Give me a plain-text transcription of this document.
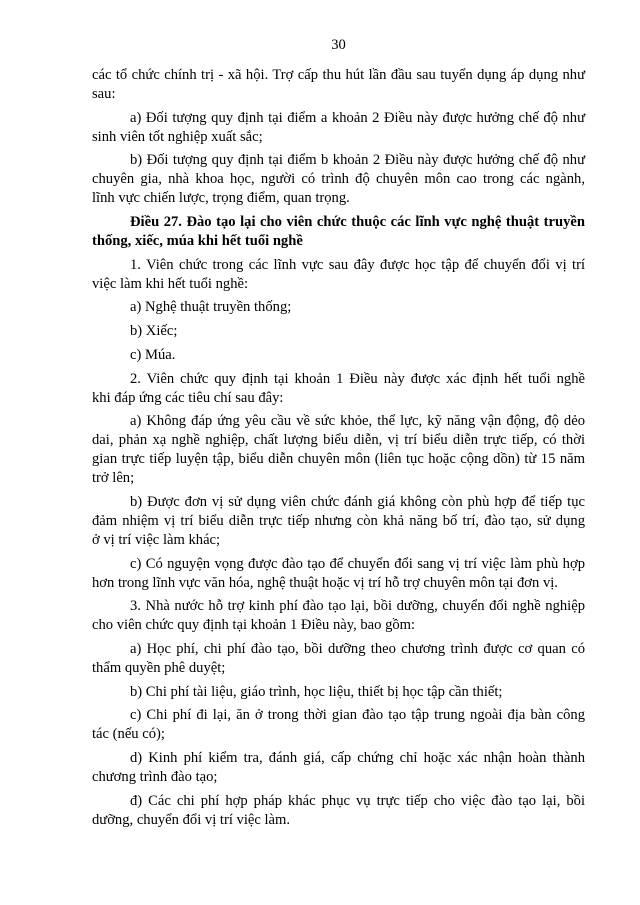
30
các tổ chức chính trị - xã hội. Trợ cấp thu hút lần đầu sau tuyển dụng áp dụng như
sau:
a) Đối tượng quy định tại điểm a khoản 2 Điều này được hưởng chế độ như
sinh viên tốt nghiệp xuất sắc;
b) Đối tượng quy định tại điểm b khoản 2 Điều này được hưởng chế độ như
chuyên gia, nhà khoa học, người có trình độ chuyên môn cao trong các ngành,
lĩnh vực chiến lược, trọng điểm, quan trọng.
Điều 27. Đào tạo lại cho viên chức thuộc các lĩnh vực nghệ thuật truyền
thống, xiếc, múa khi hết tuổi nghề
1. Viên chức trong các lĩnh vực sau đây được học tập để chuyển đổi vị trí
việc làm khi hết tuổi nghề:
a) Nghệ thuật truyền thống;
b) Xiếc;
c) Múa.
2. Viên chức quy định tại khoản 1 Điều này được xác định hết tuổi nghề
khi đáp ứng các tiêu chí sau đây:
a) Không đáp ứng yêu cầu về sức khỏe, thể lực, kỹ năng vận động, độ dẻo
dai, phản xạ nghề nghiệp, chất lượng biểu diễn, vị trí biểu diễn trực tiếp, có thời
gian trực tiếp luyện tập, biểu diễn chuyên môn (liên tục hoặc cộng dồn) từ 15 năm
trở lên;
b) Được đơn vị sử dụng viên chức đánh giá không còn phù hợp để tiếp tục
đảm nhiệm vị trí biểu diễn trực tiếp nhưng còn khả năng bố trí, đào tạo, sử dụng
ở vị trí việc làm khác;
c) Có nguyện vọng được đào tạo để chuyển đổi sang vị trí việc làm phù hợp
hơn trong lĩnh vực văn hóa, nghệ thuật hoặc vị trí hỗ trợ chuyên môn tại đơn vị.
3. Nhà nước hỗ trợ kinh phí đào tạo lại, bồi dưỡng, chuyển đổi nghề nghiệp
cho viên chức quy định tại khoản 1 Điều này, bao gồm:
a) Học phí, chi phí đào tạo, bồi dưỡng theo chương trình được cơ quan có
thẩm quyền phê duyệt;
b) Chi phí tài liệu, giáo trình, học liệu, thiết bị học tập cần thiết;
c) Chi phí đi lại, ăn ở trong thời gian đào tạo tập trung ngoài địa bàn công
tác (nếu có);
d) Kinh phí kiểm tra, đánh giá, cấp chứng chỉ hoặc xác nhận hoàn thành
chương trình đào tạo;
đ) Các chi phí hợp pháp khác phục vụ trực tiếp cho việc đào tạo lại, bồi
dưỡng, chuyển đổi vị trí việc làm.
